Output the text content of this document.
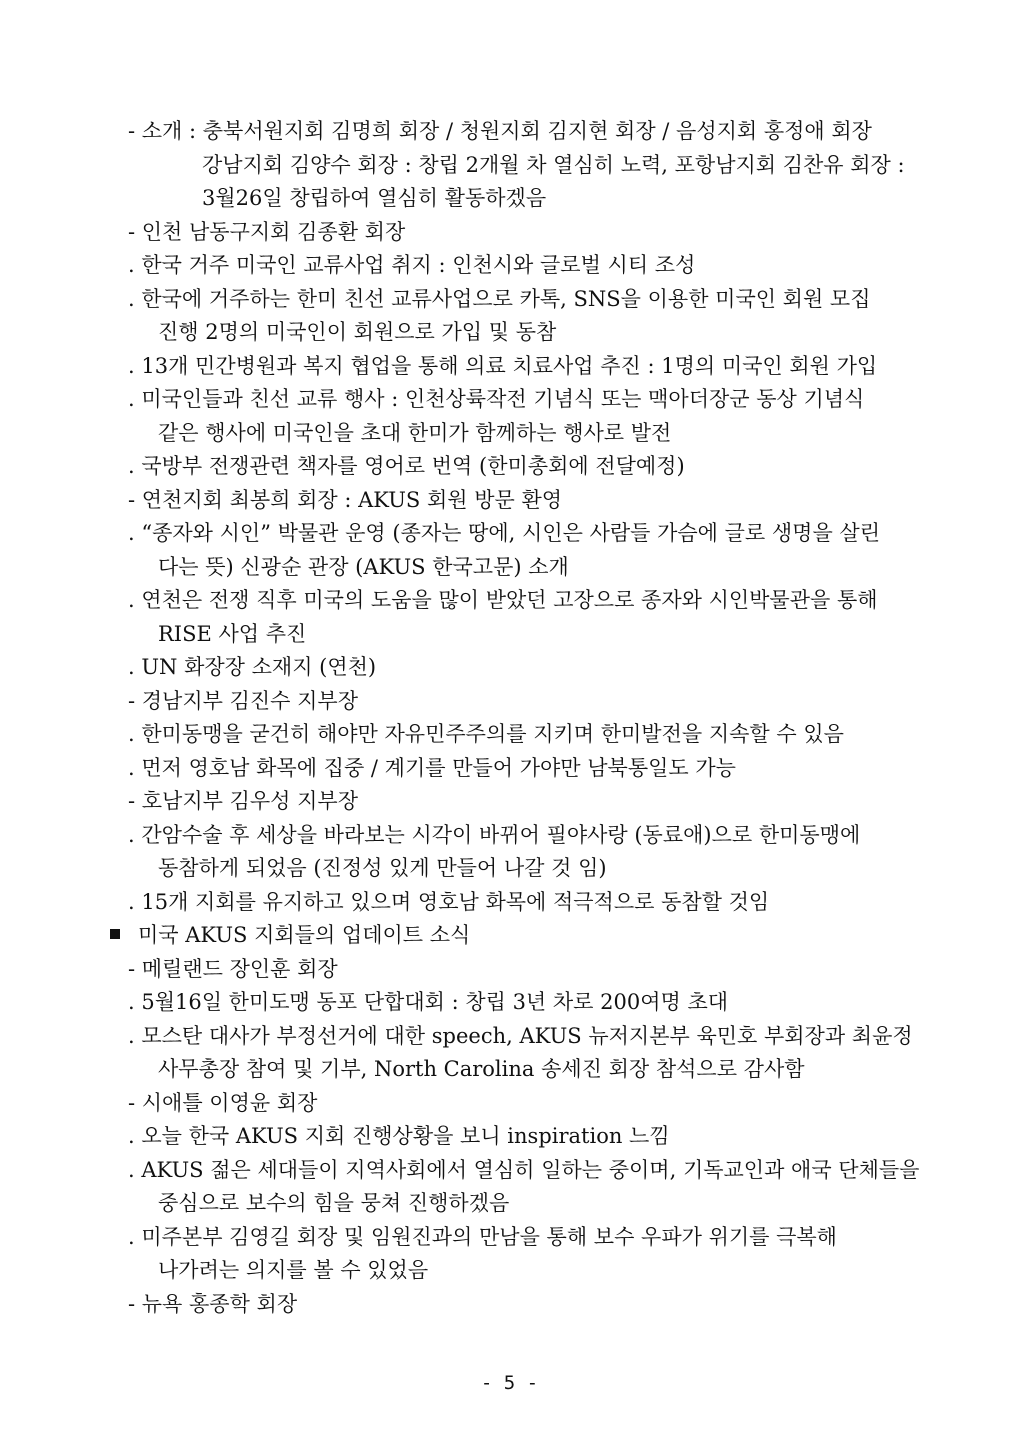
- 소개 : 충북서원지회 김명희 회장 / 청원지회 김지현 회장 / 음성지회 홍정애 회장
강남지회 김양수 회장 : 창립 2개월 차 열심히 노력, 포항남지회 김찬유 회장 :
3월26일 창립하여 열심히 활동하겠음
- 인천 남동구지회 김종환 회장
. 한국 거주 미국인 교류사업 취지 : 인천시와 글로벌 시티 조성
. 한국에 거주하는 한미 친선 교류사업으로 카톡, SNS을 이용한 미국인 회원 모집
진행 2명의 미국인이 회원으로 가입 및 동참
. 13개 민간병원과 복지 협업을 통해 의료 치료사업 추진 : 1명의 미국인 회원 가입
. 미국인들과 친선 교류 행사 : 인천상륙작전 기념식 또는 맥아더장군 동상 기념식
같은 행사에 미국인을 초대 한미가 함께하는 행사로 발전
. 국방부 전쟁관련 책자를 영어로 번역 (한미총회에 전달예정)
- 연천지회 최봉희 회장 : AKUS 회원 방문 환영
. “종자와 시인” 박물관 운영 (종자는 땅에, 시인은 사람들 가슴에 글로 생명을 살린
다는 뜻) 신광순 관장 (AKUS 한국고문) 소개
. 연천은 전쟁 직후 미국의 도움을 많이 받았던 고장으로 종자와 시인박물관을 통해
RISE 사업 추진
. UN 화장장 소재지 (연천)
- 경남지부 김진수 지부장
. 한미동맹을 굳건히 해야만 자유민주주의를 지키며 한미발전을 지속할 수 있음
. 먼저 영호남 화목에 집중 / 계기를 만들어 가야만 남북통일도 가능
- 호남지부 김우성 지부장
. 간암수술 후 세상을 바라보는 시각이 바뀌어 필야사랑 (동료애)으로 한미동맹에
동참하게 되었음 (진정성 있게 만들어 나갈 것 임)
. 15개 지회를 유지하고 있으며 영호남 화목에 적극적으로 동참할 것임
미국 AKUS 지회들의 업데이트 소식
- 메릴랜드 장인훈 회장
. 5월16일 한미도맹 동포 단합대회 : 창립 3년 차로 200여명 초대
. 모스탄 대사가 부정선거에 대한 speech, AKUS 뉴저지본부 육민호 부회장과 최윤정
사무총장 참여 및 기부, North Carolina 송세진 회장 참석으로 감사함
- 시애틀 이영윤 회장
. 오늘 한국 AKUS 지회 진행상황을 보니 inspiration 느낌
. AKUS 젊은 세대들이 지역사회에서 열심히 일하는 중이며, 기독교인과 애국 단체들을
중심으로 보수의 힘을 뭉쳐 진행하겠음
. 미주본부 김영길 회장 및 임원진과의 만남을 통해 보수 우파가 위기를 극복해
나가려는 의지를 볼 수 있었음
- 뉴욕 홍종학 회장
- 5 -
